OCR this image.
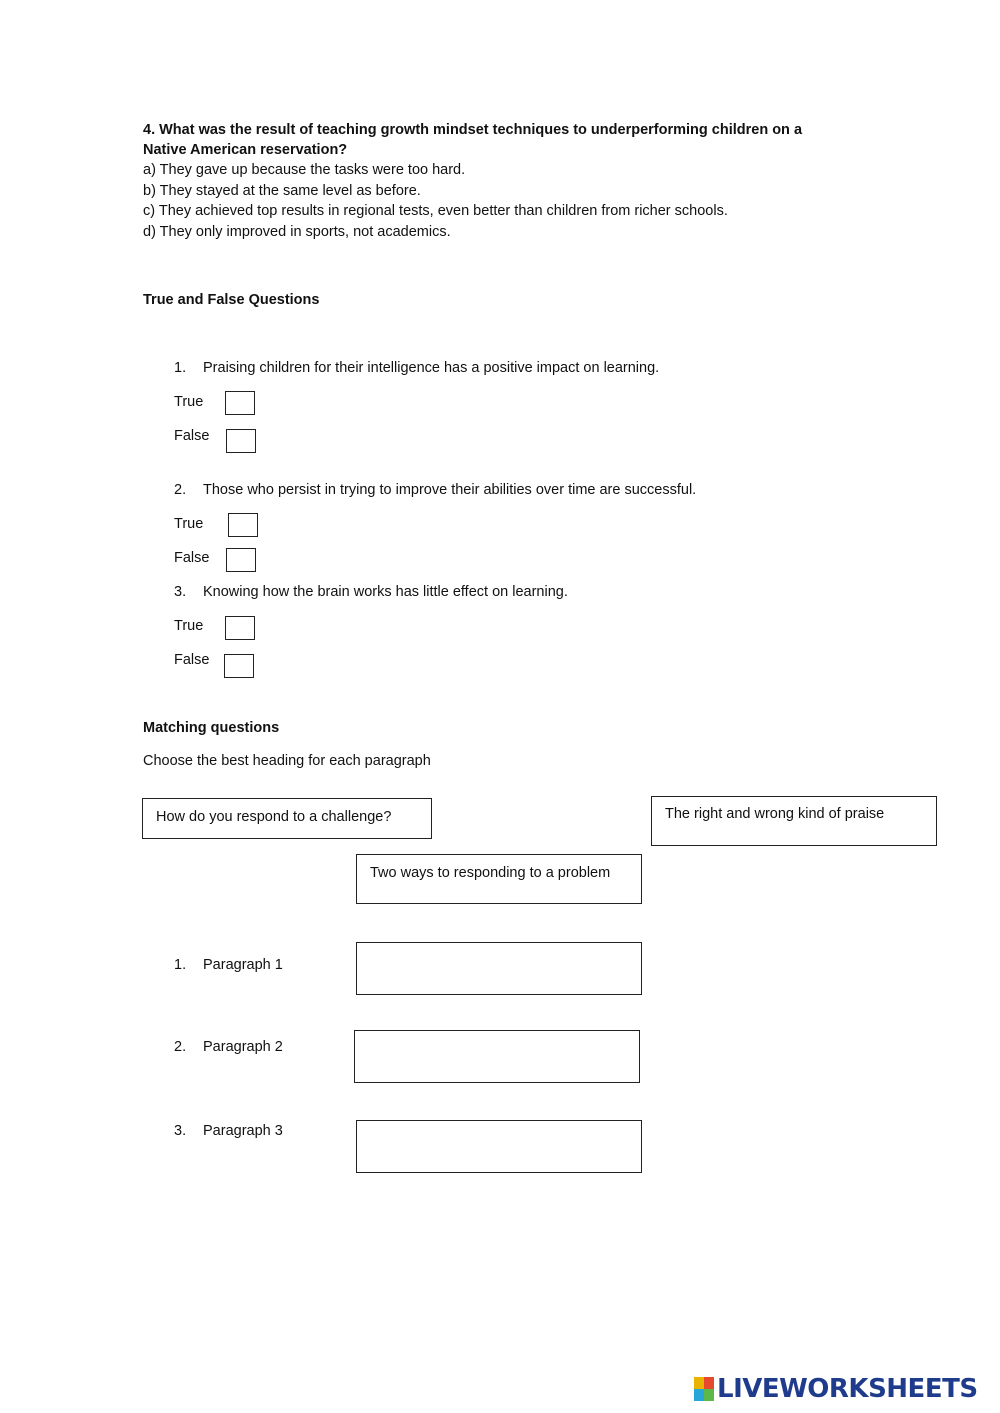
4. What was the result of teaching growth mindset techniques to underperforming children on a
Native American reservation?
a) They gave up because the tasks were too hard.
b) They stayed at the same level as before.
c) They achieved top results in regional tests, even better than children from richer schools.
d) They only improved in sports, not academics.
True and False Questions
1. Praising children for their intelligence has a positive impact on learning.
True
False
2. Those who persist in trying to improve their abilities over time are successful.
True
False
3. Knowing how the brain works has little effect on learning.
True
False
Matching questions
Choose the best heading for each paragraph
How do you respond to a challenge?	The right and wrong kind of praise
Two ways to responding to a problem
1. Paragraph 1
2. Paragraph 2
3. Paragraph 3
LIVEWORKSHEETS
